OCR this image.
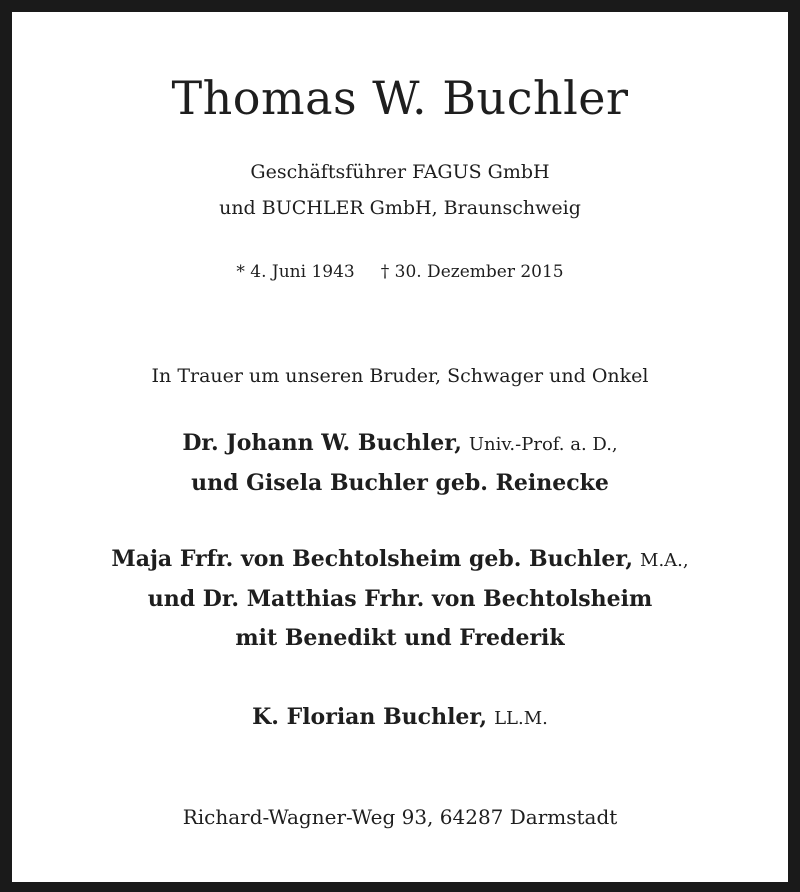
Thomas W. Buchler
Geschäftsführer FAGUS GmbH
und BUCHLER GmbH, Braunschweig
* 4. Juni 1943 † 30. Dezember 2015
In Trauer um unseren Bruder, Schwager und Onkel
Dr. Johann W. Buchler, Univ.-Prof. a. D.,
und Gisela Buchler geb. Reinecke
Maja Frfr. von Bechtolsheim geb. Buchler, M.A.,
und Dr. Matthias Frhr. von Bechtolsheim
mit Benedikt und Frederik
K. Florian Buchler, LL.M.
Richard-Wagner-Weg 93, 64287 Darmstadt
